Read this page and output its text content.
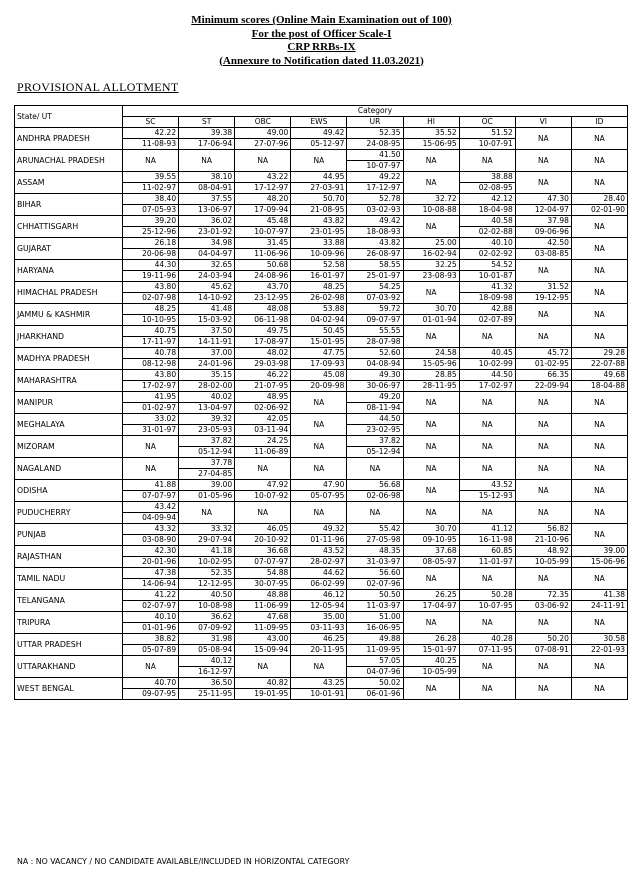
Minimum scores (Online Main Examination out of 100)
For the post of Officer Scale-I
CRP RRBs-IX
(Annexure to Notification dated 11.03.2021)
PROVISIONAL ALLOTMENT
State/ UT	Category								
	SC	ST	OBC	EWS	UR	HI	OC	VI	ID
ANDHRA PRADESH	42.22	39.38	49.00	49.42	52.35	35.52	51.52	NA	NA
	11-08-93	17-06-94	27-07-96	05-12-97	24-08-95	15-06-95	10-07-91		
ARUNACHAL PRADESH	NA	NA	NA	NA	41.50	NA	NA	NA	NA
					10-07-97				
ASSAM	39.55	38.10	43.22	44.95	49.22	NA	38.88	NA	NA
	11-02-97	08-04-91	17-12-97	27-03-91	17-12-97		02-08-95		
BIHAR	38.40	37.55	48.20	50.70	52.78	32.72	42.12	47.30	28.40
	07-05-93	13-06-97	17-09-94	21-08-95	03-02-93	10-08-88	18-04-98	12-04-97	02-01-90
CHHATTISGARH	39.20	36.02	45.48	43.82	49.42	NA	40.58	37.98	NA
	25-12-96	23-01-92	10-07-97	23-01-95	18-08-93		02-02-88	09-06-96	
GUJARAT	26.18	34.98	31.45	33.88	43.82	25.00	40.10	42.50	NA
	20-06-98	04-04-97	11-06-96	10-09-96	26-08-97	16-02-94	02-02-92	03-08-85	
HARYANA	44.30	32.65	50.68	52.58	58.55	32.25	54.52	NA	NA
	19-11-96	24-03-94	24-08-96	16-01-97	25-01-97	23-08-93	10-01-87		
HIMACHAL PRADESH	43.80	45.62	43.70	48.25	54.25	NA	41.32	31.52	NA
	02-07-98	14-10-92	23-12-95	26-02-98	07-03-92		18-09-98	19-12-95	
JAMMU & KASHMIR	48.25	41.48	48.08	53.88	59.72	30.70	42.88	NA	NA
	10-10-95	15-03-92	06-11-98	04-02-94	09-07-97	01-01-94	02-07-89		
JHARKHAND	40.75	37.50	49.75	50.45	55.55	NA	NA	NA	NA
	17-11-97	14-11-91	17-08-97	15-01-95	28-07-98				
MADHYA PRADESH	40.78	37.00	48.02	47.75	52.60	24.58	40.45	45.72	29.28
	08-12-98	24-01-96	29-03-98	17-09-93	04-08-94	15-05-96	10-02-99	01-02-95	22-07-88
MAHARASHTRA	43.80	35.15	46.22	45.08	49.30	28.85	44.50	66.35	49.68
	17-02-97	28-02-00	21-07-95	20-09-98	30-06-97	28-11-95	17-02-97	22-09-94	18-04-88
MANIPUR	41.95	40.02	48.95	NA	49.20	NA	NA	NA	NA
	01-02-97	13-04-97	02-06-92		08-11-94				
MEGHALAYA	33.02	39.32	42.05	NA	44.50	NA	NA	NA	NA
	31-01-97	23-05-93	03-11-94		23-02-95				
MIZORAM	NA	37.82	24.25	NA	37.82	NA	NA	NA	NA
		05-12-94	11-06-89		05-12-94				
NAGALAND	NA	37.78	NA	NA	NA	NA	NA	NA	NA
		27-04-85							
ODISHA	41.88	39.00	47.92	47.90	56.68	NA	43.52	NA	NA
	07-07-97	01-05-96	10-07-92	05-07-95	02-06-98		15-12-93		
PUDUCHERRY	43.42	NA	NA	NA	NA	NA	NA	NA	NA
	04-09-94								
PUNJAB	43.32	33.32	46.05	49.32	55.42	30.70	41.12	56.82	NA
	03-08-90	29-07-94	20-10-92	01-11-96	27-05-98	09-10-95	16-11-98	21-10-96	
RAJASTHAN	42.30	41.18	36.68	43.52	48.35	37.68	60.85	48.92	39.00
	20-01-96	10-02-95	07-07-97	28-02-97	31-03-97	08-05-97	11-01-97	10-05-99	15-06-96
TAMIL NADU	47.38	52.35	54.88	44.62	56.60	NA	NA	NA	NA
	14-06-94	12-12-95	30-07-95	06-02-99	02-07-96				
TELANGANA	41.22	40.50	48.88	46.12	50.50	26.25	50.28	72.35	41.38
	02-07-97	10-08-98	11-06-99	12-05-94	11-03-97	17-04-97	10-07-95	03-06-92	24-11-91
TRIPURA	40.10	36.62	47.68	35.00	51.00	NA	NA	NA	NA
	01-01-96	07-09-92	11-09-95	03-11-93	16-06-95				
UTTAR PRADESH	38.82	31.98	43.00	46.25	49.88	26.28	40.28	50.20	30.58
	05-07-89	05-08-94	15-09-94	20-11-95	11-09-95	15-01-97	07-11-95	07-08-91	22-01-93
UTTARAKHAND	NA	40.12	NA	NA	57.05	40.25	NA	NA	NA
		16-12-97			04-07-96	10-05-99			
WEST BENGAL	40.70	36.50	40.82	43.25	50.02	NA	NA	NA	NA
	09-07-95	25-11-95	19-01-95	10-01-91	06-01-96				
NA : NO VACANCY / NO CANDIDATE AVAILABLE/INCLUDED IN HORIZONTAL CATEGORY
